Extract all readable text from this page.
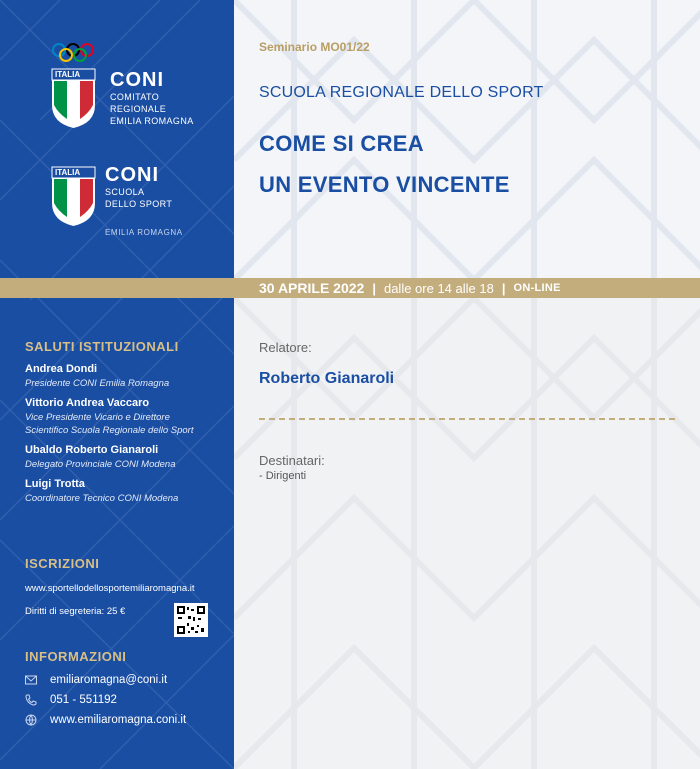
ITALIA CONI
COMITATO
REGIONALE
EMILIA ROMAGNA
ITALIA CONI
SCUOLA
DELLO SPORT
EMILIA ROMAGNA
Seminario MO01/22
SCUOLA REGIONALE DELLO SPORT
COME SI CREA
UN EVENTO VINCENTE
30 APRILE 2022 | dalle ore 14 alle 18 | ON-LINE
SALUTI ISTITUZIONALI
Andrea Dondi
Presidente CONI Emilia Romagna
Vittorio Andrea Vaccaro
Vice Presidente Vicario e Direttore
Scientifico Scuola Regionale dello Sport
Ubaldo Roberto Gianaroli
Delegato Provinciale CONI Modena
Luigi Trotta
Coordinatore Tecnico CONI Modena
ISCRIZIONI
www.sportellodellosportemiliaromagna.it
Diritti di segreteria: 25 €
INFORMAZIONI
emiliaromagna@coni.it
051 - 551192
www.emiliaromagna.coni.it
Relatore:
Roberto Gianaroli
Destinatari:
- Dirigenti
